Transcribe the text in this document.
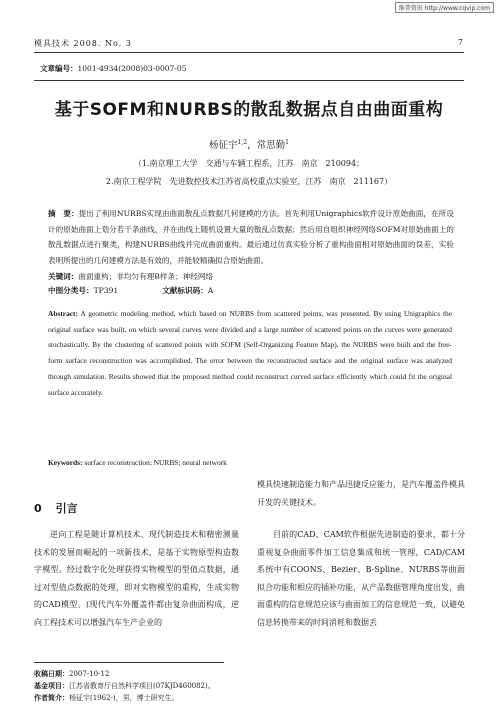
维普资讯 http://www.cqvip.com
模具技术 2008. No. 3	7
文章编号：1001-4934(2008)03-0007-05
基于SOFM和NURBS的散乱数据点自由曲面重构
杨征宇$^{1,2}$，常思勤$^1$
（1.南京理工大学　交通与车辆工程系，江苏　南京　210094；
2.南京工程学院　先进数控技术江苏省高校重点实验室，江苏　南京　211167）
摘　要：提出了利用NURBS实现由曲面散乱点数据几何建模的方法。首先利用Unigraphics软件设计原始曲面，在所设计的原始曲面上划分若干条曲线，并在曲线上随机设置大量的散乱点数据；然后用自组织神经网络SOFM对原始曲面上的散乱数据点进行聚类，构建NURBS曲线并完成曲面重构。最后通过仿真实验分析了重构曲面相对原始曲面的误差，实验表明所提出的几何建模方法是有效的，并能较精确拟合原始曲面。
关键词：曲面重构；非均匀有理B样条；神经网络
中图分类号：TP391	文献标识码：A
Abstract: A geometric modeling method, which based on NURBS from scattered points, was presented. By using Unigraphics the original surface was built, on which several curves were divided and a large number of scattered points on the curves were generated stochastically. By the clustering of scattered points with SOFM (Self-Organizing Feature Map), the NURBS were built and the free-form surface reconstruction was accomplished. The error between the reconstructed surface and the original surface was analyzed through simulation. Results showed that the proposed method could reconstruct curved surface efficiently which could fit the original surface accurately.
Keywords: surface reconstruction; NURBS; neural network
0 引言
逆向工程是随计算机技术、现代制造技术和精密测量技术的发展而崛起的一项新技术，是基于实物原型构造数字模型。经过数字化处理获得实物模型的型值点数据，通过对型值点数据的处理，即对实物模型的重构，生成实物的CAD模型。(现代汽车外覆盖件都由复杂曲面构成，逆向工程技术可以增强汽车生产企业的
模具快速制造能力和产品迅捷反应能力，是汽车覆盖件模具开发的关键技术。
目前的CAD、CAM软件根据先进制造的要求，都十分重视复杂曲面零件加工信息集成和统一管理，CAD/CAM系统中有COONS、Bezier、B-Spline、NURBS等曲面拟合功能和相应的插补功能，从产品数据管理角度出发，曲面重构的信息规范应该与曲面加工的信息规范一致，以避免信息转换带来的时间消耗和数据丢
收稿日期：2007-10-12
基金项目：江苏省教育厅自然科学项目(07KJD460082)。
作者简介：杨征宇(1962-)，男，博士研究生。
